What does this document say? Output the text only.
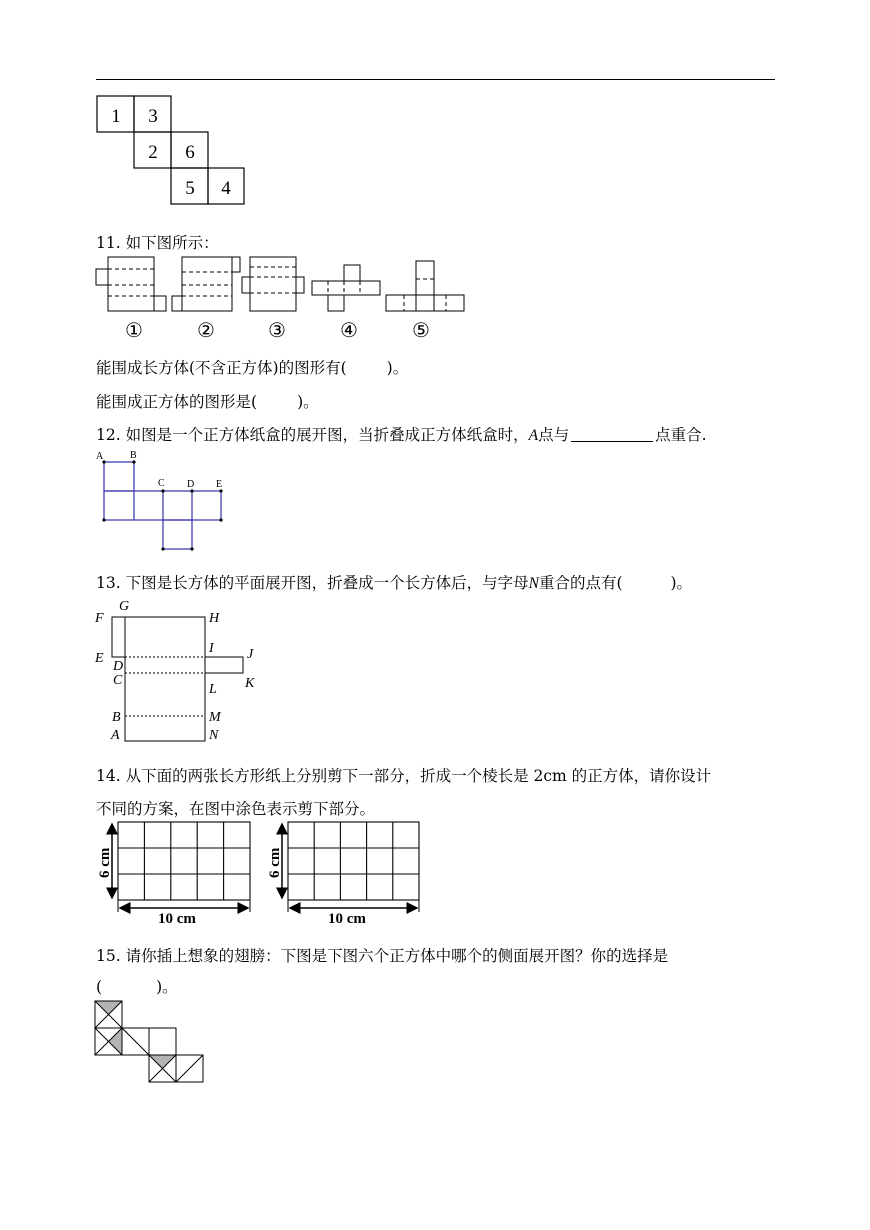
1 3
2 6
5 4
11. 如下图所示：
①	②	③	④	⑤
能围成长方体(不含正方体)的图形有(	)。
能围成正方体的图形是(	)。
12. 如图是一个正方体纸盒的展开图，当折叠成正方体纸盒时，A点与	点重合.
A	B
C D E
13. 下图是长方体的平面展开图，折叠成一个长方体后，与字母N重合的点有(	)。
F
G
H
E
D
I J
C
L K
B	M
A	N
14. 从下面的两张长方形纸上分别剪下一部分，折成一个棱长是 2cm 的正方体，请你设计
不同的方案，在图中涂色表示剪下部分。
6 cm
10 cm
6 cm
10 cm
15. 请你插上想象的翅膀：下图是下图六个正方体中哪个的侧面展开图？你的选择是
(	)。
